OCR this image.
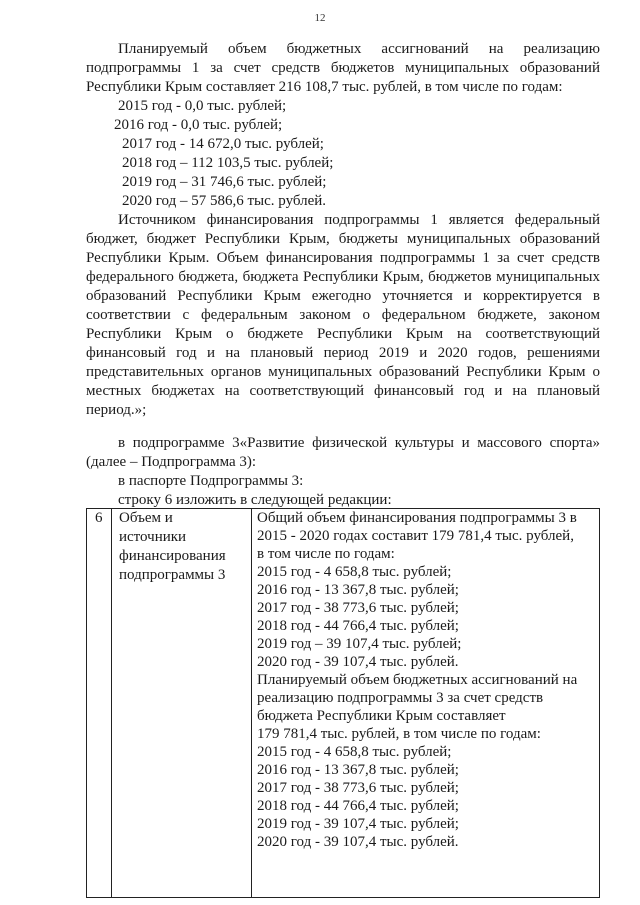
12
Планируемый объем бюджетных ассигнований на реализацию
подпрограммы 1 за счет средств бюджетов муниципальных образований
Республики Крым составляет 216 108,7 тыс. рублей, в том числе по годам:
2015 год - 0,0 тыс. рублей;
2016 год - 0,0 тыс. рублей;
2017 год - 14 672,0 тыс. рублей;
2018 год – 112 103,5 тыс. рублей;
2019 год – 31 746,6 тыс. рублей;
2020 год – 57 586,6 тыс. рублей.
Источником финансирования подпрограммы 1 является федеральный
бюджет, бюджет Республики Крым, бюджеты муниципальных образований
Республики Крым. Объем финансирования подпрограммы 1 за счет средств
федерального бюджета, бюджета Республики Крым, бюджетов муниципальных
образований Республики Крым ежегодно уточняется и корректируется в
соответствии с федеральным законом о федеральном бюджете, законом
Республики Крым о бюджете Республики Крым на соответствующий
финансовый год и на плановый период 2019 и 2020 годов, решениями
представительных органов муниципальных образований Республики Крым о
местных бюджетах на соответствующий финансовый год и на плановый
период.»;
в подпрограмме 3«Развитие физической культуры и массового спорта»
(далее – Подпрограмма 3):
в паспорте Подпрограммы 3:
строку 6 изложить в следующей редакции:
6 Объем и
источники
финансирования
подпрограммы 3
Общий объем финансирования подпрограммы 3 в
2015 - 2020 годах составит 179 781,4 тыс. рублей,
в том числе по годам:
2015 год - 4 658,8 тыс. рублей;
2016 год - 13 367,8 тыс. рублей;
2017 год - 38 773,6 тыс. рублей;
2018 год - 44 766,4 тыс. рублей;
2019 год – 39 107,4 тыс. рублей;
2020 год - 39 107,4 тыс. рублей.
Планируемый объем бюджетных ассигнований на
реализацию подпрограммы 3 за счет средств
бюджета Республики Крым составляет
179 781,4 тыс. рублей, в том числе по годам:
2015 год - 4 658,8 тыс. рублей;
2016 год - 13 367,8 тыс. рублей;
2017 год - 38 773,6 тыс. рублей;
2018 год - 44 766,4 тыс. рублей;
2019 год - 39 107,4 тыс. рублей;
2020 год - 39 107,4 тыс. рублей.
